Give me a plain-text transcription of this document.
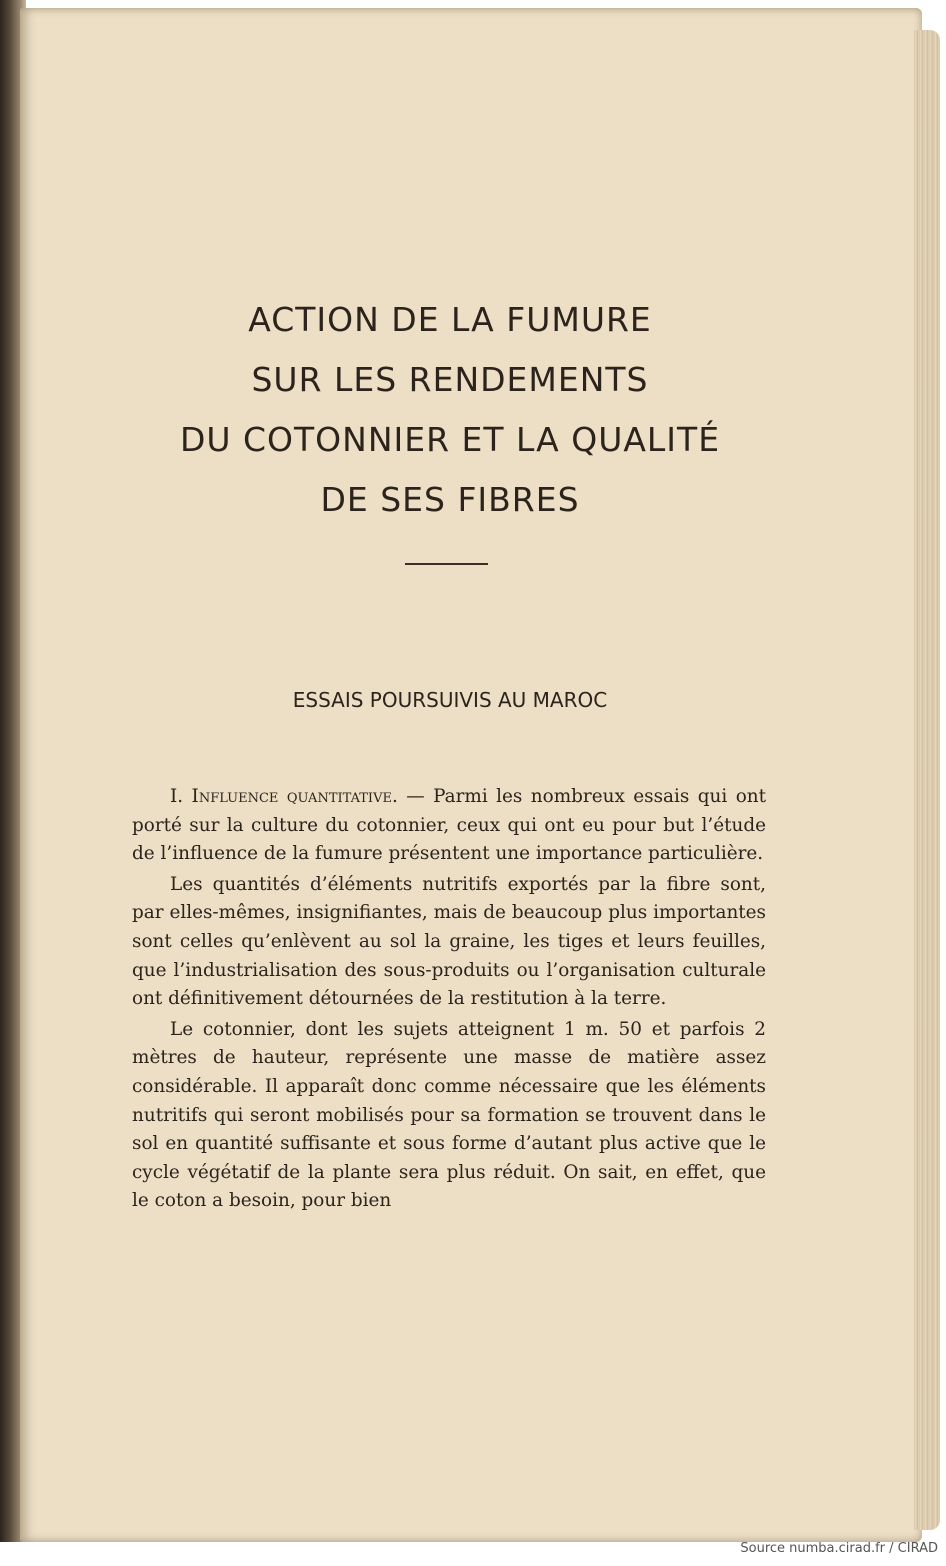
ACTION DE LA FUMURE
SUR LES RENDEMENTS
DU COTONNIER ET LA QUALITÉ
DE SES FIBRES
ESSAIS POURSUIVIS AU MAROC

I. Influence quantitative. — Parmi les nombreux essais qui ont porté sur la culture du cotonnier, ceux qui ont eu pour but l’étude de l’influence de la fumure présentent une importance particulière.

Les quantités d’éléments nutritifs exportés par la fibre sont, par elles-mêmes, insignifiantes, mais de beaucoup plus importantes sont celles qu’enlèvent au sol la graine, les tiges et leurs feuilles, que l’industrialisation des sous-produits ou l’organisation culturale ont définitivement détournées de la restitution à la terre.

Le cotonnier, dont les sujets atteignent 1 m. 50 et parfois 2 mètres de hauteur, représente une masse de matière assez considérable. Il apparaît donc comme nécessaire que les éléments nutritifs qui seront mobilisés pour sa formation se trouvent dans le sol en quantité suffisante et sous forme d’autant plus active que le cycle végétatif de la plante sera plus réduit. On sait, en effet, que le coton a besoin, pour bien

Source numba.cirad.fr / CIRAD
